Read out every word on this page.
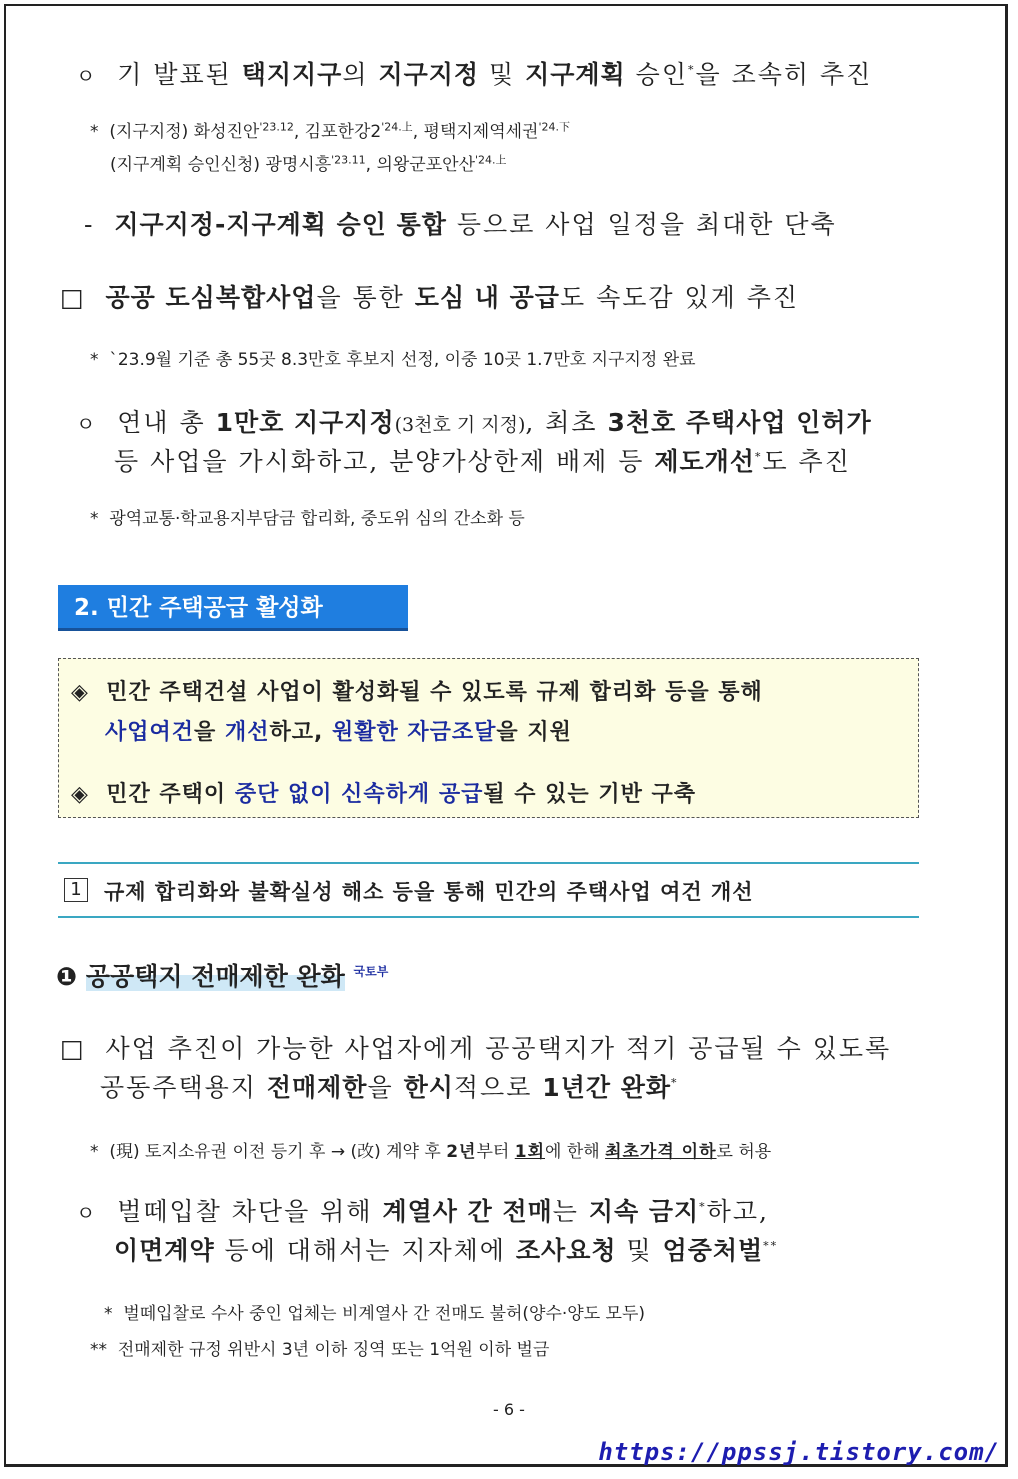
ㅇ 기 발표된 택지지구의 지구지정 및 지구계획 승인*을 조속히 추진
* (지구지정) 화성진안$^{'23.12}$, 김포한강$2^{'24.上}$, 평택지제역세권$^{'24.下}$
(지구계획 승인신청) 광명시흥$^{'23.11}$, 의왕군포안산$^{'24.上}$
- 지구지정-지구계획 승인 통합 등으로 사업 일정을 최대한 단축
□ 공공 도심복합사업을 통한 도심 내 공급도 속도감 있게 추진
* `23.9월 기준 총 55곳 8.3만호 후보지 선정, 이중 10곳 1.7만호 지구지정 완료
ㅇ 연내 총 1만호 지구지정(3천호 기 지정), 최초 3천호 주택사업 인허가
등 사업을 가시화하고, 분양가상한제 배제 등 제도개선*도 추진
* 광역교통·학교용지부담금 합리화, 중도위 심의 간소화 등
2. 민간 주택공급 활성화
◈ 민간 주택건설 사업이 활성화될 수 있도록 규제 합리화 등을 통해
사업여건을 개선하고, 원활한 자금조달을 지원
◈ 민간 주택이 중단 없이 신속하게 공급될 수 있는 기반 구축
1 규제 합리화와 불확실성 해소 등을 통해 민간의 주택사업 여건 개선
❶ 공공택지 전매제한 완화 $^{국토부}$
□ 사업 추진이 가능한 사업자에게 공공택지가 적기 공급될 수 있도록
공동주택용지 전매제한을 한시적으로 1년간 완화*
* (現) 토지소유권 이전 등기 후 → (改) 계약 후 2년부터 1회에 한해 최초가격 이하로 허용
ㅇ 벌떼입찰 차단을 위해 계열사 간 전매는 지속 금지*하고,
이면계약 등에 대해서는 지자체에 조사요청 및 엄중처벌**
* 벌떼입찰로 수사 중인 업체는 비계열사 간 전매도 불허(양수·양도 모두)
** 전매제한 규정 위반시 3년 이하 징역 또는 1억원 이하 벌금
- 6 -
https://ppssj.tistory.com/
